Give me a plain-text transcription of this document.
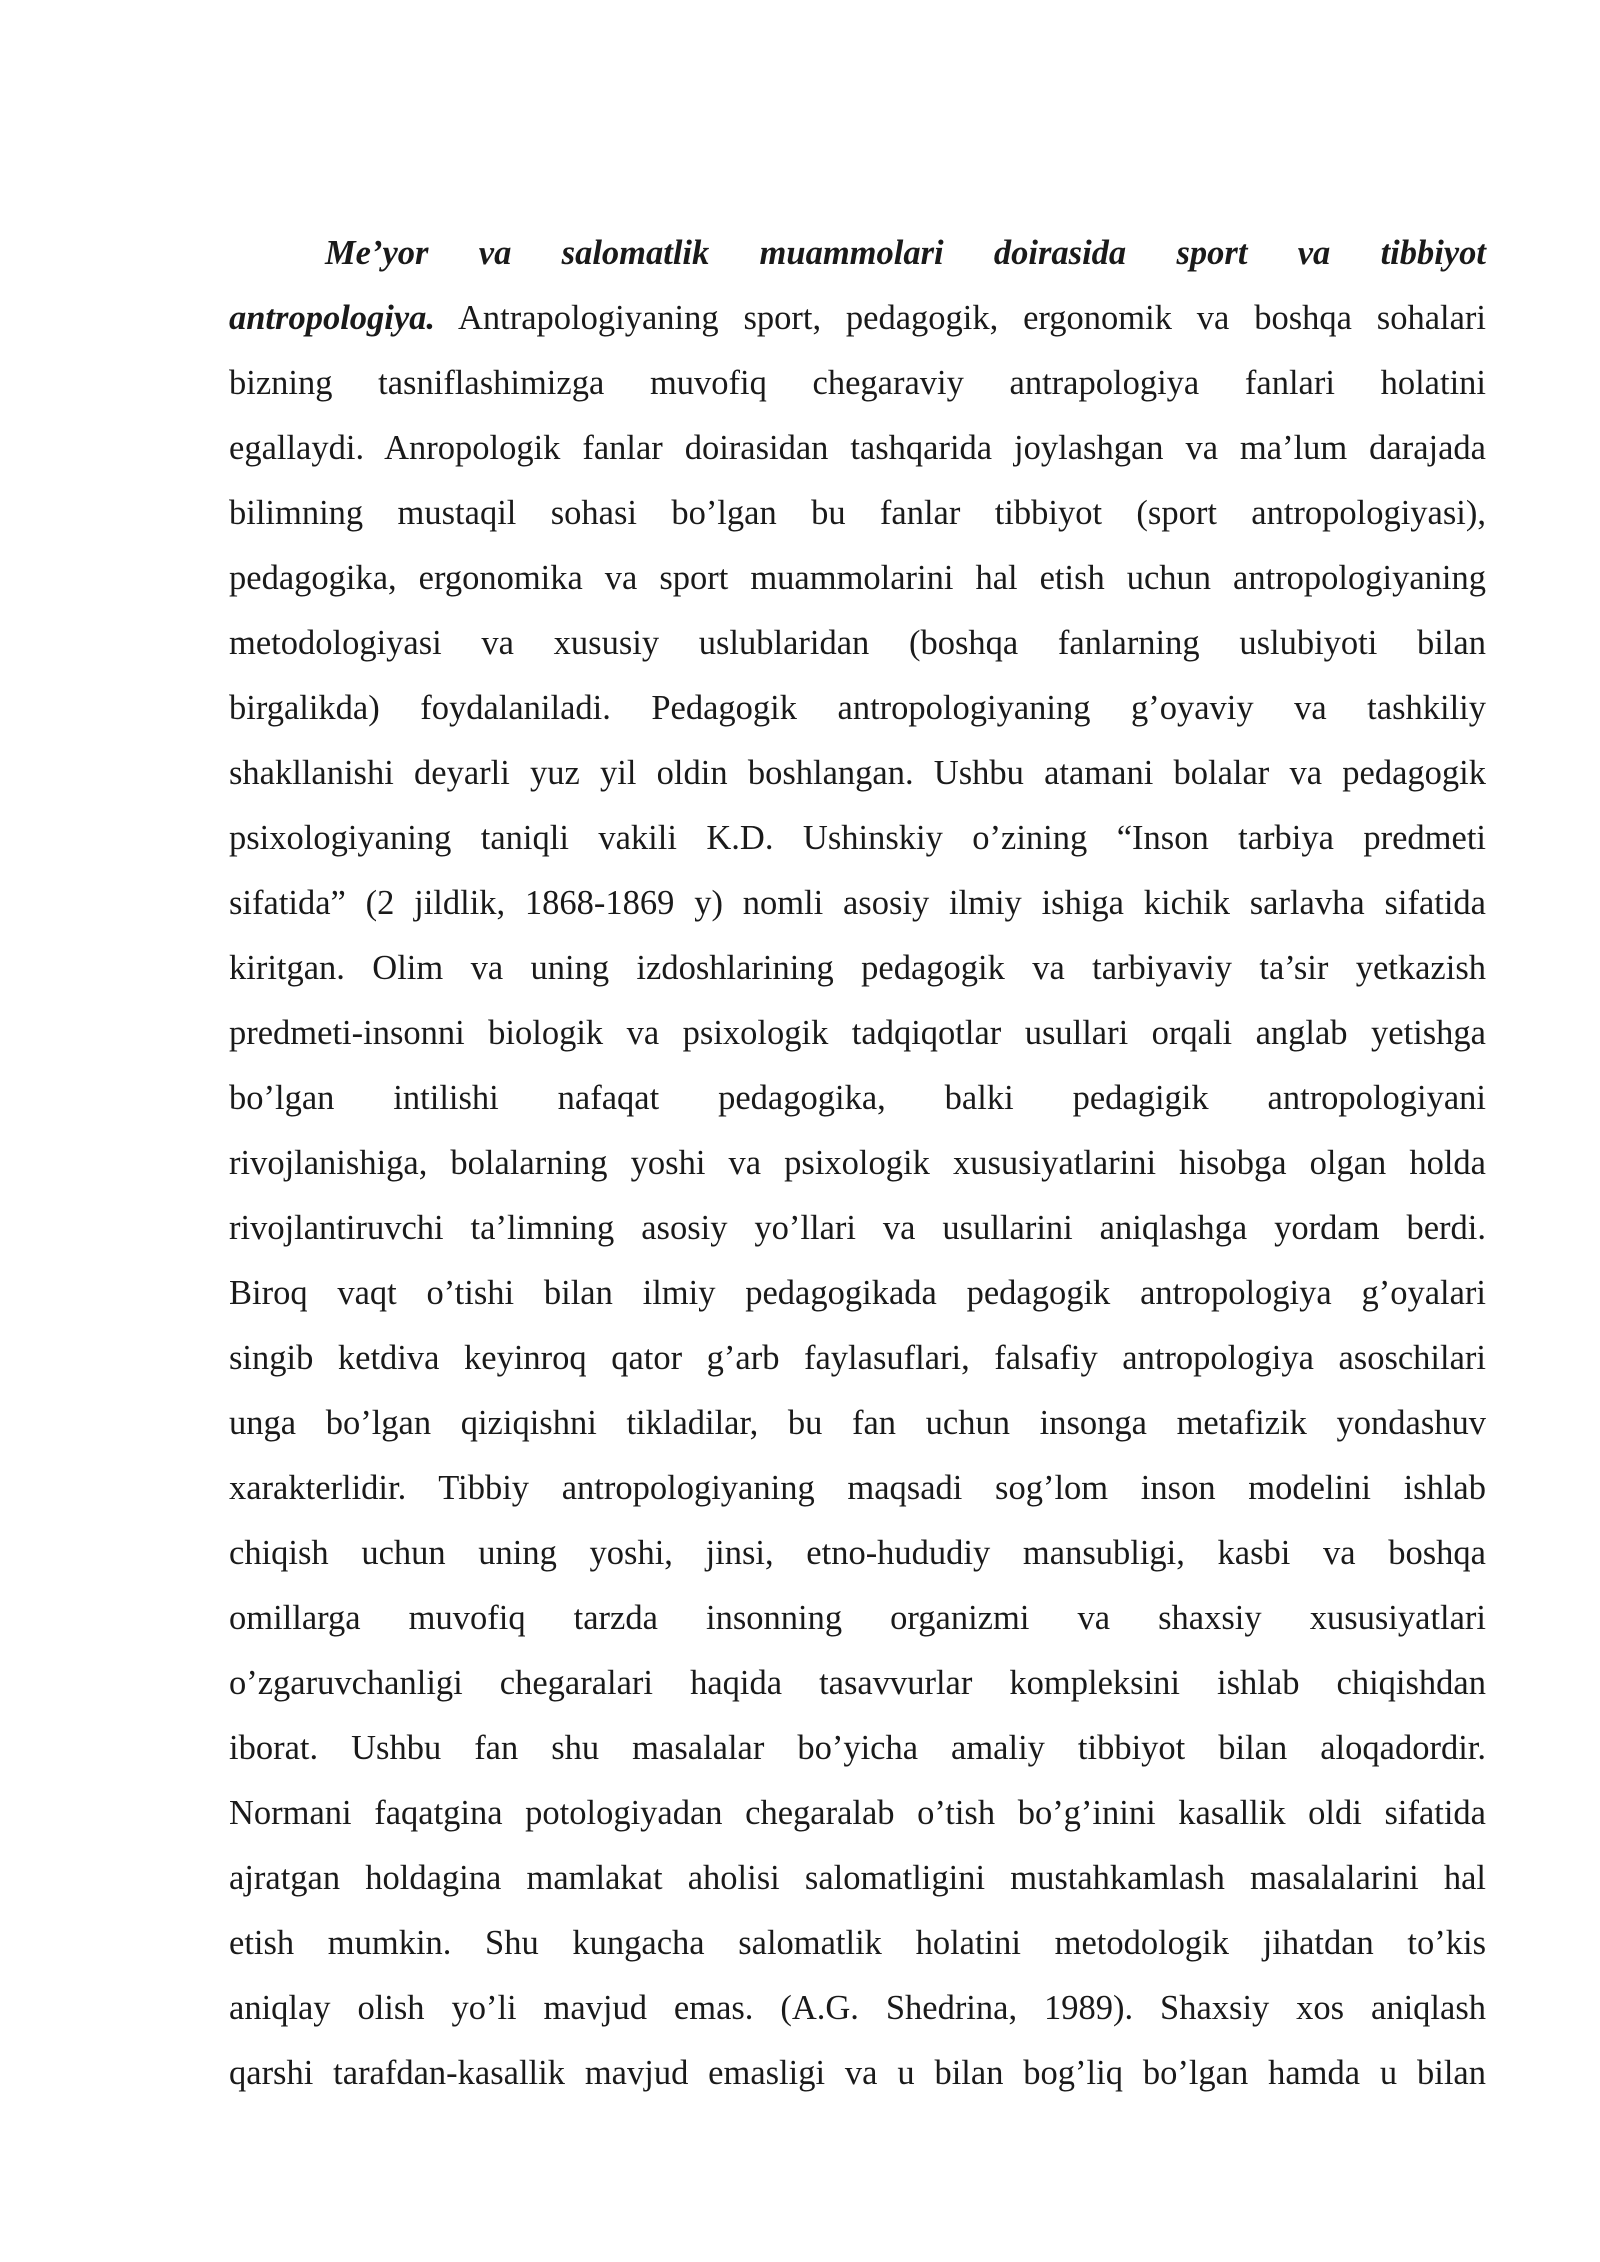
Me’yor va salomatlik muammolari doirasida sport va tibbiyot
antropologiya. Antrapologiyaning sport, pedagogik, ergonomik va boshqa sohalari
bizning tasniflashimizga muvofiq chegaraviy antrapologiya fanlari holatini
egallaydi. Anropologik fanlar doirasidan tashqarida joylashgan va ma’lum darajada
bilimning mustaqil sohasi bo’lgan bu fanlar tibbiyot (sport antropologiyasi),
pedagogika, ergonomika va sport muammolarini hal etish uchun antropologiyaning
metodologiyasi va xususiy uslublaridan (boshqa fanlarning uslubiyoti bilan
birgalikda) foydalaniladi. Pedagogik antropologiyaning g’oyaviy va tashkiliy
shakllanishi deyarli yuz yil oldin boshlangan. Ushbu atamani bolalar va pedagogik
psixologiyaning taniqli vakili K.D. Ushinskiy o’zining “Inson tarbiya predmeti
sifatida” (2 jildlik, 1868-1869 y) nomli asosiy ilmiy ishiga kichik sarlavha sifatida
kiritgan. Olim va uning izdoshlarining pedagogik va tarbiyaviy ta’sir yetkazish
predmeti-insonni biologik va psixologik tadqiqotlar usullari orqali anglab yetishga
bo’lgan intilishi nafaqat pedagogika, balki pedagigik antropologiyani
rivojlanishiga, bolalarning yoshi va psixologik xususiyatlarini hisobga olgan holda
rivojlantiruvchi ta’limning asosiy yo’llari va usullarini aniqlashga yordam berdi.
Biroq vaqt o’tishi bilan ilmiy pedagogikada pedagogik antropologiya g’oyalari
singib ketdiva keyinroq qator g’arb faylasuflari, falsafiy antropologiya asoschilari
unga bo’lgan qiziqishni tikladilar, bu fan uchun insonga metafizik yondashuv
xarakterlidir. Tibbiy antropologiyaning maqsadi sog’lom inson modelini ishlab
chiqish uchun uning yoshi, jinsi, etno-hududiy mansubligi, kasbi va boshqa
omillarga muvofiq tarzda insonning organizmi va shaxsiy xususiyatlari
o’zgaruvchanligi chegaralari haqida tasavvurlar kompleksini ishlab chiqishdan
iborat. Ushbu fan shu masalalar bo’yicha amaliy tibbiyot bilan aloqadordir.
Normani faqatgina potologiyadan chegaralab o’tish bo’g’inini kasallik oldi sifatida
ajratgan holdagina mamlakat aholisi salomatligini mustahkamlash masalalarini hal
etish mumkin. Shu kungacha salomatlik holatini metodologik jihatdan to’kis
aniqlay olish yo’li mavjud emas. (A.G. Shedrina, 1989). Shaxsiy xos aniqlash
qarshi tarafdan-kasallik mavjud emasligi va u bilan bog’liq bo’lgan hamda u bilan
